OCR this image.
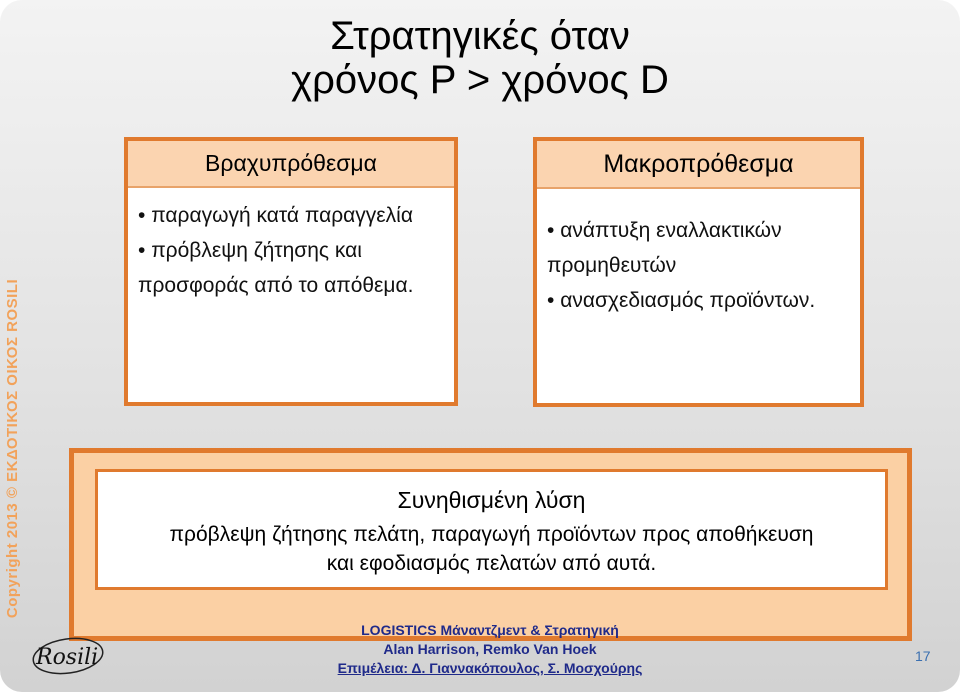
Copyright 2013 © ΕΚΔΟΤΙΚΟΣ ΟΙΚΟΣ ROSILI
Στρατηγικές όταν
χρόνος P > χρόνος D
Βραχυπρόθεσμα
• παραγωγή κατά παραγγελία
• πρόβλεψη ζήτησης και προσφοράς από το απόθεμα.
Μακροπρόθεσμα
• ανάπτυξη εναλλακτικών προμηθευτών
• ανασχεδιασμός προϊόντων.
Συνηθισμένη λύση
πρόβλεψη ζήτησης πελάτη, παραγωγή προϊόντων προς αποθήκευση
και εφοδιασμός πελατών από αυτά.
Rosili
LOGISTICS Μάναντζμεντ & Στρατηγική
Alan Harrison, Remko Van Hoek
Επιμέλεια: Δ. Γιαννακόπουλος, Σ. Μοσχούρης
17
